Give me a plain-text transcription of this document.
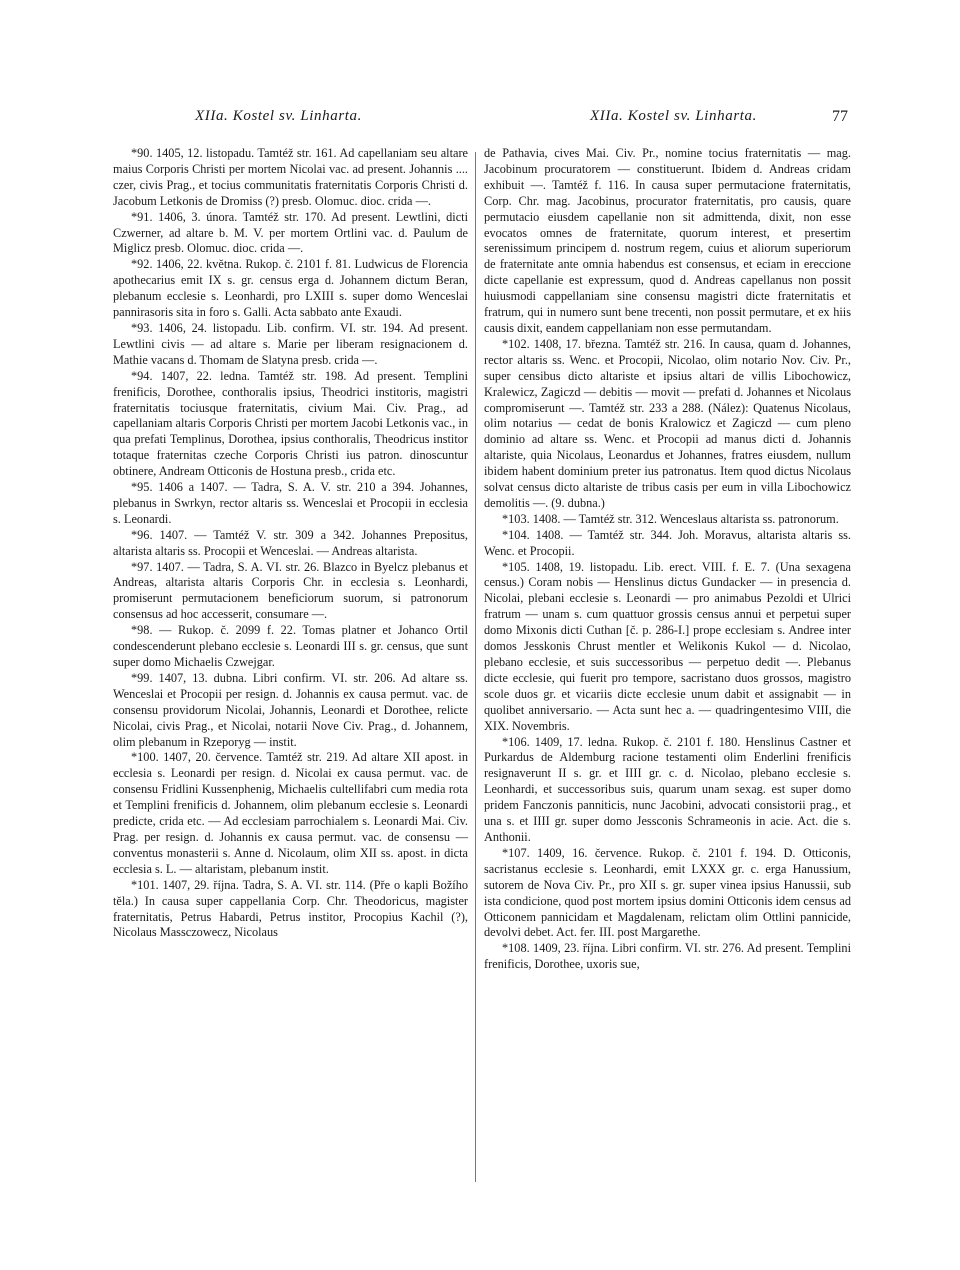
XIIa. Kostel sv. Linharta.	XIIa. Kostel sv. Linharta.	77

*90. 1405, 12. listopadu. Tamtéž str. 161. Ad capellaniam seu altare maius Corporis Christi per mortem Nicolai vac. ad present. Johannis .... czer, civis Prag., et tocius communitatis fraternitatis Corporis Christi d. Jacobum Letkonis de Dromiss (?) presb. Olomuc. dioc. crida —.

*91. 1406, 3. února. Tamtéž str. 170. Ad present. Lewtlini, dicti Czwerner, ad altare b. M. V. per mortem Ortlini vac. d. Paulum de Miglicz presb. Olomuc. dioc. crida —.

*92. 1406, 22. května. Rukop. č. 2101 f. 81. Ludwicus de Florencia apothecarius emit IX s. gr. census erga d. Johannem dictum Beran, plebanum ecclesie s. Leonhardi, pro LXIII s. super domo Wenceslai pannirasoris sita in foro s. Galli. Acta sabbato ante Exaudi.

*93. 1406, 24. listopadu. Lib. confirm. VI. str. 194. Ad present. Lewtlini civis — ad altare s. Marie per liberam resignacionem d. Mathie vacans d. Thomam de Slatyna presb. crida —.

*94. 1407, 22. ledna. Tamtéž str. 198. Ad present. Templini frenificis, Dorothee, conthoralis ipsius, Theodrici institoris, magistri fraternitatis tociusque fraternitatis, civium Mai. Civ. Prag., ad capellaniam altaris Corporis Christi per mortem Jacobi Letkonis vac., in qua prefati Templinus, Dorothea, ipsius conthoralis, Theodricus institor totaque fraternitas czeche Corporis Christi ius patron. dinoscuntur obtinere, Andream Otticonis de Hostuna presb., crida etc.

*95. 1406 a 1407. — Tadra, S. A. V. str. 210 a 394. Johannes, plebanus in Swrkyn, rector altaris ss. Wenceslai et Procopii in ecclesia s. Leonardi.

*96. 1407. — Tamtéž V. str. 309 a 342. Johannes Prepositus, altarista altaris ss. Procopii et Wenceslai. — Andreas altarista.

*97. 1407. — Tadra, S. A. VI. str. 26. Blazco in Byelcz plebanus et Andreas, altarista altaris Corporis Chr. in ecclesia s. Leonhardi, promiserunt permutacionem beneficiorum suorum, si patronorum consensus ad hoc accesserit, consumare —.

*98. — Rukop. č. 2099 f. 22. Tomas platner et Johanco Ortil condescenderunt plebano ecclesie s. Leonardi III s. gr. census, que sunt super domo Michaelis Czwejgar.

*99. 1407, 13. dubna. Libri confirm. VI. str. 206. Ad altare ss. Wenceslai et Procopii per resign. d. Johannis ex causa permut. vac. de consensu providorum Nicolai, Johannis, Leonardi et Dorothee, relicte Nicolai, civis Prag., et Nicolai, notarii Nove Civ. Prag., d. Johannem, olim plebanum in Rzeporyg — instit.

*100. 1407, 20. července. Tamtéž str. 219. Ad altare XII apost. in ecclesia s. Leonardi per resign. d. Nicolai ex causa permut. vac. de consensu Fridlini Kussenphenig, Michaelis cultellifabri cum media rota et Templini frenificis d. Johannem, olim plebanum ecclesie s. Leonardi predicte, crida etc. — Ad ecclesiam parrochialem s. Leonardi Mai. Civ. Prag. per resign. d. Johannis ex causa permut. vac. de consensu — conventus monasterii s. Anne d. Nicolaum, olim XII ss. apost. in dicta ecclesia s. L. — altaristam, plebanum instit.

*101. 1407, 29. října. Tadra, S. A. VI. str. 114. (Pře o kapli Božího těla.) In causa super cappellania Corp. Chr. Theodoricus, magister fraternitatis, Petrus Habardi, Petrus institor, Procopius Kachil (?), Nicolaus Massczowecz, Nicolaus

de Pathavia, cives Mai. Civ. Pr., nomine tocius fraternitatis — mag. Jacobinum procuratorem — constituerunt. Ibidem d. Andreas cridam exhibuit —. Tamtéž f. 116. In causa super permutacione fraternitatis, Corp. Chr. mag. Jacobinus, procurator fraternitatis, pro causis, quare permutacio eiusdem capellanie non sit admittenda, dixit, non esse evocatos omnes de fraternitate, quorum interest, et presertim serenissimum principem d. nostrum regem, cuius et aliorum superiorum de fraternitate ante omnia habendus est consensus, et eciam in ereccione dicte capellanie est expressum, quod d. Andreas capellanus non possit huiusmodi cappellaniam sine consensu magistri dicte fraternitatis et fratrum, qui in numero sunt bene trecenti, non possit permutare, et ex hiis causis dixit, eandem cappellaniam non esse permutandam.

*102. 1408, 17. března. Tamtéž str. 216. In causa, quam d. Johannes, rector altaris ss. Wenc. et Procopii, Nicolao, olim notario Nov. Civ. Pr., super censibus dicto altariste et ipsius altari de villis Libochowicz, Kralewicz, Zagiczd — debitis — movit — prefati d. Johannes et Nicolaus compromiserunt —. Tamtéž str. 233 a 288. (Nález): Quatenus Nicolaus, olim notarius — cedat de bonis Kralowicz et Zagiczd — cum pleno dominio ad altare ss. Wenc. et Procopii ad manus dicti d. Johannis altariste, quia Nicolaus, Leonardus et Johannes, fratres eiusdem, nullum ibidem habent dominium preter ius patronatus. Item quod dictus Nicolaus solvat census dicto altariste de tribus casis per eum in villa Libochowicz demolitis —. (9. dubna.)

*103. 1408. — Tamtéž str. 312. Wenceslaus altarista ss. patronorum.

*104. 1408. — Tamtéž str. 344. Joh. Moravus, altarista altaris ss. Wenc. et Procopii.

*105. 1408, 19. listopadu. Lib. erect. VIII. f. E. 7. (Una sexagena census.) Coram nobis — Henslinus dictus Gundacker — in presencia d. Nicolai, plebani ecclesie s. Leonardi — pro animabus Pezoldi et Ulrici fratrum — unam s. cum quattuor grossis census annui et perpetui super domo Mixonis dicti Cuthan [č. p. 286-I.] prope ecclesiam s. Andree inter domos Jesskonis Chrust mentler et Welikonis Kukol — d. Nicolao, plebano ecclesie, et suis successoribus — perpetuo dedit —. Plebanus dicte ecclesie, qui fuerit pro tempore, sacristano duos grossos, magistro scole duos gr. et vicariis dicte ecclesie unum dabit et assignabit — in quolibet anniversario. — Acta sunt hec a. — quadringentesimo VIII, die XIX. Novembris.

*106. 1409, 17. ledna. Rukop. č. 2101 f. 180. Henslinus Castner et Purkardus de Aldemburg racione testamenti olim Enderlini frenificis resignaverunt II s. gr. et IIII gr. c. d. Nicolao, plebano ecclesie s. Leonhardi, et successoribus suis, quarum unam sexag. est super domo pridem Fanczonis panniticis, nunc Jacobini, advocati consistorii prag., et una s. et IIII gr. super domo Jessconis Schrameonis in acie. Act. die s. Anthonii.

*107. 1409, 16. července. Rukop. č. 2101 f. 194. D. Otticonis, sacristanus ecclesie s. Leonhardi, emit LXXX gr. c. erga Hanussium, sutorem de Nova Civ. Pr., pro XII s. gr. super vinea ipsius Hanussii, sub ista condicione, quod post mortem ipsius domini Otticonis idem census ad Otticonem pannicidam et Magdalenam, relictam olim Ottlini pannicide, devolvi debet. Act. fer. III. post Margarethe.

*108. 1409, 23. října. Libri confirm. VI. str. 276. Ad present. Templini frenificis, Dorothee, uxoris sue,
